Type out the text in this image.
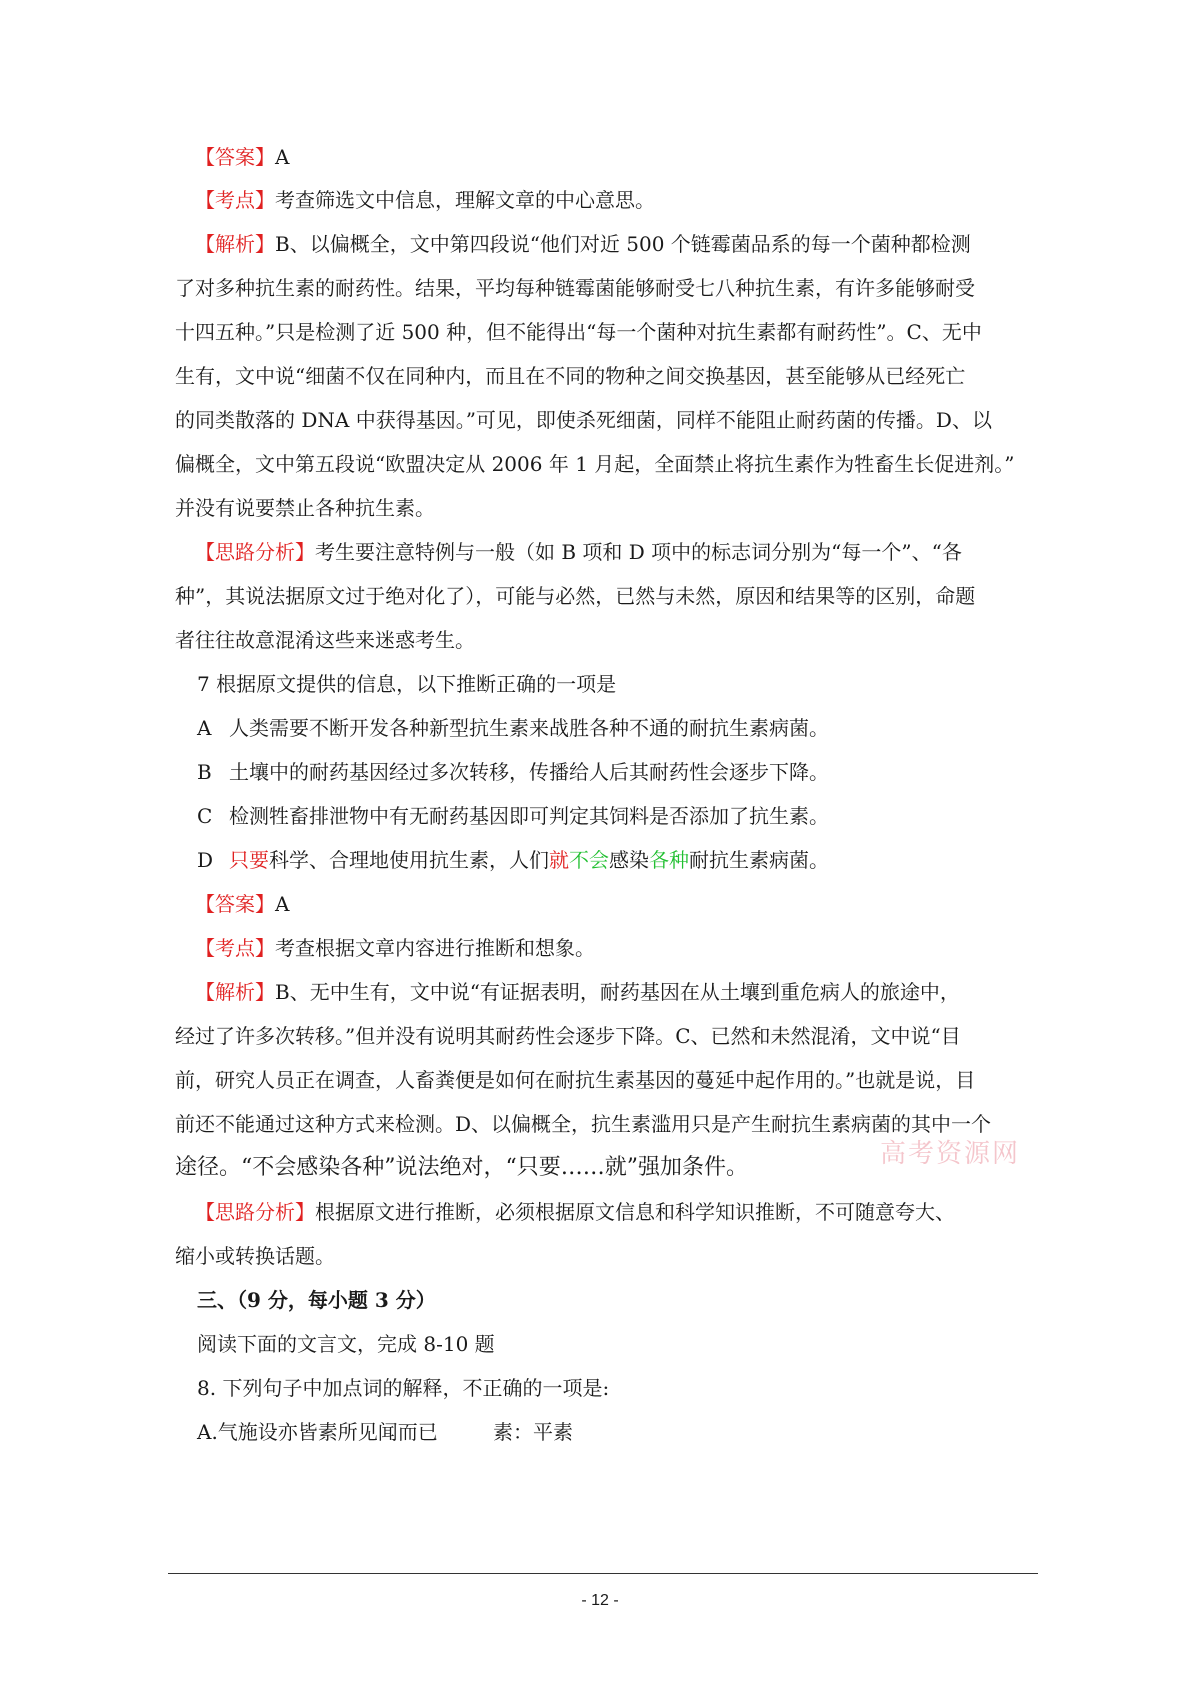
【答案】A
【考点】考查筛选文中信息，理解文章的中心意思。
【解析】B、以偏概全，文中第四段说“他们对近 500 个链霉菌品系的每一个菌种都检测
了对多种抗生素的耐药性。结果，平均每种链霉菌能够耐受七八种抗生素，有许多能够耐受
十四五种。”只是检测了近 500 种，但不能得出“每一个菌种对抗生素都有耐药性”。C、无中
生有，文中说“细菌不仅在同种内，而且在不同的物种之间交换基因，甚至能够从已经死亡
的同类散落的 DNA 中获得基因。”可见，即使杀死细菌，同样不能阻止耐药菌的传播。D、以
偏概全，文中第五段说“欧盟决定从 2006 年 1 月起，全面禁止将抗生素作为牲畜生长促进剂。”
并没有说要禁止各种抗生素。
【思路分析】考生要注意特例与一般（如 B 项和 D 项中的标志词分别为“每一个”、“各
种”，其说法据原文过于绝对化了），可能与必然，已然与未然，原因和结果等的区别，命题
者往往故意混淆这些来迷惑考生。
7 根据原文提供的信息，以下推断正确的一项是
A 人类需要不断开发各种新型抗生素来战胜各种不通的耐抗生素病菌。
B 土壤中的耐药基因经过多次转移，传播给人后其耐药性会逐步下降。
C 检测牲畜排泄物中有无耐药基因即可判定其饲料是否添加了抗生素。
D 只要科学、合理地使用抗生素，人们就不会感染各种耐抗生素病菌。
【答案】A
【考点】考查根据文章内容进行推断和想象。
【解析】B、无中生有，文中说“有证据表明，耐药基因在从土壤到重危病人的旅途中，
经过了许多次转移。”但并没有说明其耐药性会逐步下降。C、已然和未然混淆，文中说“目
前，研究人员正在调查，人畜粪便是如何在耐抗生素基因的蔓延中起作用的。”也就是说，目
前还不能通过这种方式来检测。D、以偏概全，抗生素滥用只是产生耐抗生素病菌的其中一个
途径。“不会感染各种”说法绝对，“只要……就”强加条件。
【思路分析】根据原文进行推断，必须根据原文信息和科学知识推断，不可随意夸大、
缩小或转换话题。
三、（9 分，每小题 3 分）
阅读下面的文言文，完成 8-10 题
8. 下列句子中加点词的解释，不正确的一项是:
A.气施设亦皆素所见闻而已	素：平素
高考资源网
- 12 -
